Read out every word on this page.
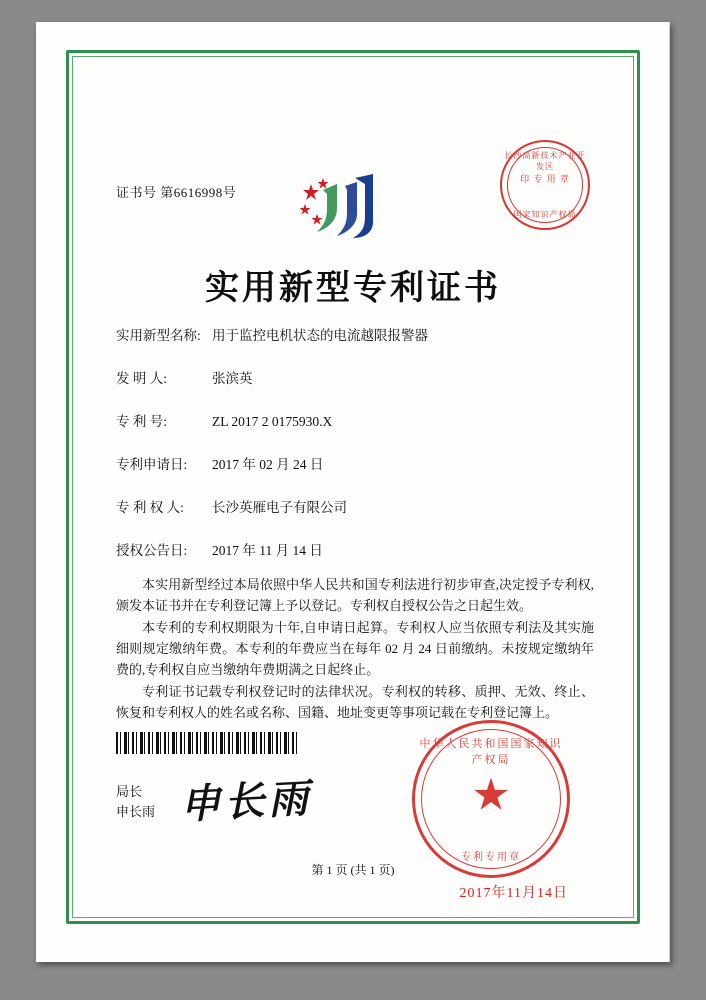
证书号 第6616998号
长沙高新技术产业开发区
印 专 用 章
国家知识产权局
实用新型专利证书
实用新型名称: 用于监控电机状态的电流越限报警器
发 明 人:	张滨英
专 利 号:	ZL 2017 2 0175930.X
专利申请日: 2017 年 02 月 24 日
专 利 权 人: 长沙英雁电子有限公司
授权公告日: 2017 年 11 月 14 日

本实用新型经过本局依照中华人民共和国专利法进行初步审查,决定授予专利权,颁发本证书并在专利登记簿上予以登记。专利权自授权公告之日起生效。

本专利的专利权期限为十年,自申请日起算。专利权人应当依照专利法及其实施细则规定缴纳年费。本专利的年费应当在每年 02 月 24 日前缴纳。未按规定缴纳年费的,专利权自应当缴纳年费期满之日起终止。

专利证书记载专利权登记时的法律状况。专利权的转移、质押、无效、终止、恢复和专利权人的姓名或名称、国籍、地址变更等事项记载在专利登记簿上。

局长
申长雨 申长雨
中华人民共和国国家知识产权局
★
专利专用章
2017年11月14日
第 1 页 (共 1 页)
